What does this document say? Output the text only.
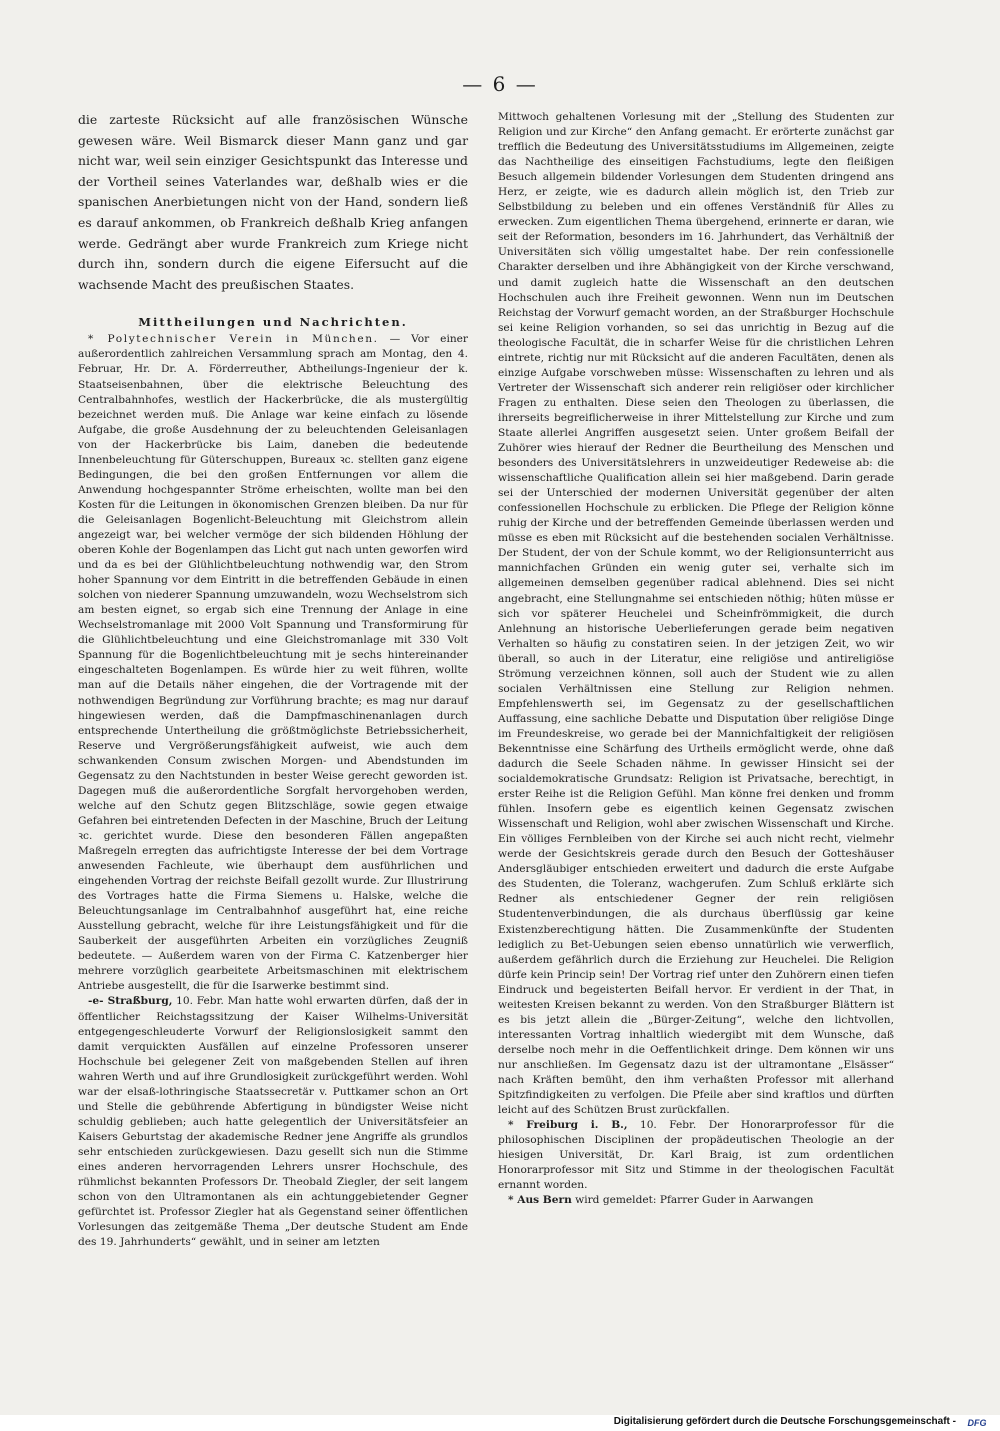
— 6 —

die zarteste Rücksicht auf alle französischen Wünsche gewesen wäre. Weil Bismarck dieser Mann ganz und gar nicht war, weil sein einziger Gesichtspunkt das Interesse und der Vortheil seines Vaterlandes war, deßhalb wies er die spanischen Anerbietungen nicht von der Hand, sondern ließ es darauf ankommen, ob Frankreich deßhalb Krieg anfangen werde. Gedrängt aber wurde Frankreich zum Kriege nicht durch ihn, sondern durch die eigene Eifersucht auf die wachsende Macht des preußischen Staates.

Mittheilungen und Nachrichten.

* Polytechnischer Verein in München. — Vor einer außerordentlich zahlreichen Versammlung sprach am Montag, den 4. Februar, Hr. Dr. A. Förderreuther, Abtheilungs-Ingenieur der k. Staatseisenbahnen, über die elektrische Beleuchtung des Centralbahnhofes, westlich der Hackerbrücke, die als mustergültig bezeichnet werden muß. Die Anlage war keine einfach zu lösende Aufgabe, die große Ausdehnung der zu beleuchtenden Geleisanlagen von der Hackerbrücke bis Laim, daneben die bedeutende Innenbeleuchtung für Güterschuppen, Bureaux ꝛc. stellten ganz eigene Bedingungen, die bei den großen Entfernungen vor allem die Anwendung hochgespannter Ströme erheischten, wollte man bei den Kosten für die Leitungen in ökonomischen Grenzen bleiben. Da nur für die Geleisanlagen Bogenlicht-Beleuchtung mit Gleichstrom allein angezeigt war, bei welcher vermöge der sich bildenden Höhlung der oberen Kohle der Bogenlampen das Licht gut nach unten geworfen wird und da es bei der Glühlichtbeleuchtung nothwendig war, den Strom hoher Spannung vor dem Eintritt in die betreffenden Gebäude in einen solchen von niederer Spannung umzuwandeln, wozu Wechselstrom sich am besten eignet, so ergab sich eine Trennung der Anlage in eine Wechselstromanlage mit 2000 Volt Spannung und Transformirung für die Glühlichtbeleuchtung und eine Gleichstromanlage mit 330 Volt Spannung für die Bogenlichtbeleuchtung mit je sechs hintereinander eingeschalteten Bogenlampen. Es würde hier zu weit führen, wollte man auf die Details näher eingehen, die der Vortragende mit der nothwendigen Begründung zur Vorführung brachte; es mag nur darauf hingewiesen werden, daß die Dampfmaschinenanlagen durch entsprechende Untertheilung die größtmöglichste Betriebssicherheit, Reserve und Vergrößerungsfähigkeit aufweist, wie auch dem schwankenden Consum zwischen Morgen- und Abendstunden im Gegensatz zu den Nachtstunden in bester Weise gerecht geworden ist. Dagegen muß die außerordentliche Sorgfalt hervorgehoben werden, welche auf den Schutz gegen Blitzschläge, sowie gegen etwaige Gefahren bei eintretenden Defecten in der Maschine, Bruch der Leitung ꝛc. gerichtet wurde. Diese den besonderen Fällen angepaßten Maßregeln erregten das aufrichtigste Interesse der bei dem Vortrage anwesenden Fachleute, wie überhaupt dem ausführlichen und eingehenden Vortrag der reichste Beifall gezollt wurde. Zur Illustrirung des Vortrages hatte die Firma Siemens u. Halske, welche die Beleuchtungsanlage im Centralbahnhof ausgeführt hat, eine reiche Ausstellung gebracht, welche für ihre Leistungsfähigkeit und für die Sauberkeit der ausgeführten Arbeiten ein vorzügliches Zeugniß bedeutete. — Außerdem waren von der Firma C. Katzenberger hier mehrere vorzüglich gearbeitete Arbeitsmaschinen mit elektrischem Antriebe ausgestellt, die für die Isarwerke bestimmt sind.

-e- Straßburg, 10. Febr. Man hatte wohl erwarten dürfen, daß der in öffentlicher Reichstagssitzung der Kaiser Wilhelms-Universität entgegengeschleuderte Vorwurf der Religionslosigkeit sammt den damit verquickten Ausfällen auf einzelne Professoren unserer Hochschule bei gelegener Zeit von maßgebenden Stellen auf ihren wahren Werth und auf ihre Grundlosigkeit zurückgeführt werden. Wohl war der elsaß-lothringische Staatssecretär v. Puttkamer schon an Ort und Stelle die gebührende Abfertigung in bündigster Weise nicht schuldig geblieben; auch hatte gelegentlich der Universitätsfeier an Kaisers Geburtstag der akademische Redner jene Angriffe als grundlos sehr entschieden zurückgewiesen. Dazu gesellt sich nun die Stimme eines anderen hervorragenden Lehrers unsrer Hochschule, des rühmlichst bekannten Professors Dr. Theobald Ziegler, der seit langem schon von den Ultramontanen als ein achtunggebietender Gegner gefürchtet ist. Professor Ziegler hat als Gegenstand seiner öffentlichen Vorlesungen das zeitgemäße Thema „Der deutsche Student am Ende des 19. Jahrhunderts“ gewählt, und in seiner am letzten

Mittwoch gehaltenen Vorlesung mit der „Stellung des Studenten zur Religion und zur Kirche“ den Anfang gemacht. Er erörterte zunächst gar trefflich die Bedeutung des Universitätsstudiums im Allgemeinen, zeigte das Nachtheilige des einseitigen Fachstudiums, legte den fleißigen Besuch allgemein bildender Vorlesungen dem Studenten dringend ans Herz, er zeigte, wie es dadurch allein möglich ist, den Trieb zur Selbstbildung zu beleben und ein offenes Verständniß für Alles zu erwecken. Zum eigentlichen Thema übergehend, erinnerte er daran, wie seit der Reformation, besonders im 16. Jahrhundert, das Verhältniß der Universitäten sich völlig umgestaltet habe. Der rein confessionelle Charakter derselben und ihre Abhängigkeit von der Kirche verschwand, und damit zugleich hatte die Wissenschaft an den deutschen Hochschulen auch ihre Freiheit gewonnen. Wenn nun im Deutschen Reichstag der Vorwurf gemacht worden, an der Straßburger Hochschule sei keine Religion vorhanden, so sei das unrichtig in Bezug auf die theologische Facultät, die in scharfer Weise für die christlichen Lehren eintrete, richtig nur mit Rücksicht auf die anderen Facultäten, denen als einzige Aufgabe vorschweben müsse: Wissenschaften zu lehren und als Vertreter der Wissenschaft sich anderer rein religiöser oder kirchlicher Fragen zu enthalten. Diese seien den Theologen zu überlassen, die ihrerseits begreiflicherweise in ihrer Mittelstellung zur Kirche und zum Staate allerlei Angriffen ausgesetzt seien. Unter großem Beifall der Zuhörer wies hierauf der Redner die Beurtheilung des Menschen und besonders des Universitätslehrers in unzweideutiger Redeweise ab: die wissenschaftliche Qualification allein sei hier maßgebend. Darin gerade sei der Unterschied der modernen Universität gegenüber der alten confessionellen Hochschule zu erblicken. Die Pflege der Religion könne ruhig der Kirche und der betreffenden Gemeinde überlassen werden und müsse es eben mit Rücksicht auf die bestehenden socialen Verhältnisse. Der Student, der von der Schule kommt, wo der Religionsunterricht aus mannichfachen Gründen ein wenig guter sei, verhalte sich im allgemeinen demselben gegenüber radical ablehnend. Dies sei nicht angebracht, eine Stellungnahme sei entschieden nöthig; hüten müsse er sich vor späterer Heuchelei und Scheinfrömmigkeit, die durch Anlehnung an historische Ueberlieferungen gerade beim negativen Verhalten so häufig zu constatiren seien. In der jetzigen Zeit, wo wir überall, so auch in der Literatur, eine religiöse und antireligiöse Strömung verzeichnen können, soll auch der Student wie zu allen socialen Verhältnissen eine Stellung zur Religion nehmen. Empfehlenswerth sei, im Gegensatz zu der gesellschaftlichen Auffassung, eine sachliche Debatte und Disputation über religiöse Dinge im Freundeskreise, wo gerade bei der Mannichfaltigkeit der religiösen Bekenntnisse eine Schärfung des Urtheils ermöglicht werde, ohne daß dadurch die Seele Schaden nähme. In gewisser Hinsicht sei der socialdemokratische Grundsatz: Religion ist Privatsache, berechtigt, in erster Reihe ist die Religion Gefühl. Man könne frei denken und fromm fühlen. Insofern gebe es eigentlich keinen Gegensatz zwischen Wissenschaft und Religion, wohl aber zwischen Wissenschaft und Kirche. Ein völliges Fernbleiben von der Kirche sei auch nicht recht, vielmehr werde der Gesichtskreis gerade durch den Besuch der Gotteshäuser Andersgläubiger entschieden erweitert und dadurch die erste Aufgabe des Studenten, die Toleranz, wachgerufen. Zum Schluß erklärte sich Redner als entschiedener Gegner der rein religiösen Studentenverbindungen, die als durchaus überflüssig gar keine Existenzberechtigung hätten. Die Zusammenkünfte der Studenten lediglich zu Bet-Uebungen seien ebenso unnatürlich wie verwerflich, außerdem gefährlich durch die Erziehung zur Heuchelei. Die Religion dürfe kein Princip sein! Der Vortrag rief unter den Zuhörern einen tiefen Eindruck und begeisterten Beifall hervor. Er verdient in der That, in weitesten Kreisen bekannt zu werden. Von den Straßburger Blättern ist es bis jetzt allein die „Bürger-Zeitung“, welche den lichtvollen, interessanten Vortrag inhaltlich wiedergibt mit dem Wunsche, daß derselbe noch mehr in die Oeffentlichkeit dringe. Dem können wir uns nur anschließen. Im Gegensatz dazu ist der ultramontane „Elsässer“ nach Kräften bemüht, den ihm verhaßten Professor mit allerhand Spitzfindigkeiten zu verfolgen. Die Pfeile aber sind kraftlos und dürften leicht auf des Schützen Brust zurückfallen.

* Freiburg i. B., 10. Febr. Der Honorarprofessor für die philosophischen Disciplinen der propädeutischen Theologie an der hiesigen Universität, Dr. Karl Braig, ist zum ordentlichen Honorarprofessor mit Sitz und Stimme in der theologischen Facultät ernannt worden.

* Aus Bern wird gemeldet: Pfarrer Guder in Aarwangen

Digitalisierung gefördert durch die Deutsche Forschungsgemeinschaft -	DFG
